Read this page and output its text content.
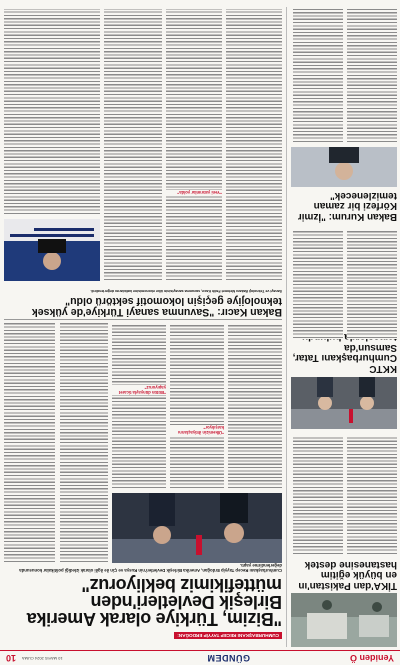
Yeniden Ö
GÜNDEM
10 MAYIS 2024 CUMA
10
TİKA'dan Pakistan'ın en büyük eğitim hastanesine destek
KKTC Cumhurbaşkanı Tatar, Samsun'da
Bakan Kurum: "İzmir Körfezi bir zaman temizlenecek"
CUMHURBAŞKANI RECEP TAYYİP ERDOĞAN:
"Bizim, Türkiye olarak Amerika Birleşik Devletleri'nden müttefikimiz bekliyoruz"
Cumhurbaşkanı Recep Tayyip Erdoğan, Amerika Birleşik Devletleri'nin Rusya ve Çin ile ilgili olarak izlediği politikalar konusunda değerlendirme yaptı.
"Ülkemizin ihtiyaçlarını karşılıyor"
"Bütün dünyayla ticaret yapıyoruz"
Bakan Kacır: "Savunma sanayi Türkiye'de yüksek teknolojiye geçişin lokomotif sektörü oldu"
Sanayi ve Teknoloji Bakanı Mehmet Fatih Kacır, savunma sanayisinin ülke ekonomisine katkılarını değerlendirdi.
"Yeni yatırımlar yolda"
